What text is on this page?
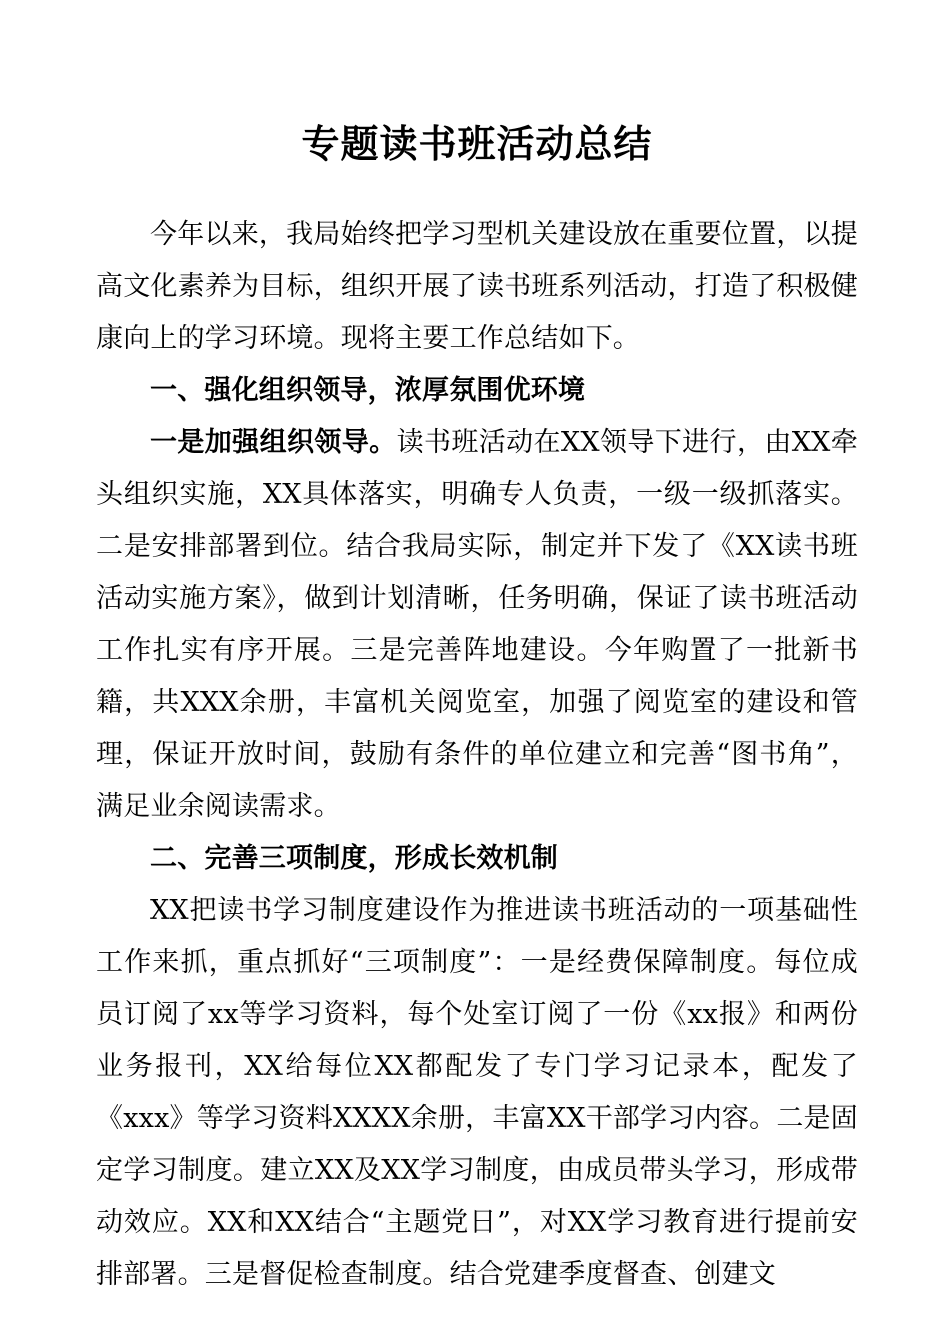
专题读书班活动总结

今年以来，我局始终把学习型机关建设放在重要位置，以提高文化素养为目标，组织开展了读书班系列活动，打造了积极健康向上的学习环境。现将主要工作总结如下。

一、强化组织领导，浓厚氛围优环境

一是加强组织领导。读书班活动在XX领导下进行，由XX牵头组织实施，XX具体落实，明确专人负责，一级一级抓落实。二是安排部署到位。结合我局实际，制定并下发了《XX读书班活动实施方案》，做到计划清晰，任务明确，保证了读书班活动工作扎实有序开展。三是完善阵地建设。今年购置了一批新书籍，共XXX余册，丰富机关阅览室，加强了阅览室的建设和管理，保证开放时间，鼓励有条件的单位建立和完善“图书角”，满足业余阅读需求。

二、完善三项制度，形成长效机制

XX把读书学习制度建设作为推进读书班活动的一项基础性工作来抓，重点抓好“三项制度”：一是经费保障制度。每位成员订阅了xx等学习资料，每个处室订阅了一份《xx报》和两份业务报刊，XX给每位XX都配发了专门学习记录本，配发了《xxx》等学习资料XXXX余册，丰富XX干部学习内容。二是固定学习制度。建立XX及XX学习制度，由成员带头学习，形成带动效应。XX和XX结合“主题党日”，对XX学习教育进行提前安排部署。三是督促检查制度。结合党建季度督查、创建文
